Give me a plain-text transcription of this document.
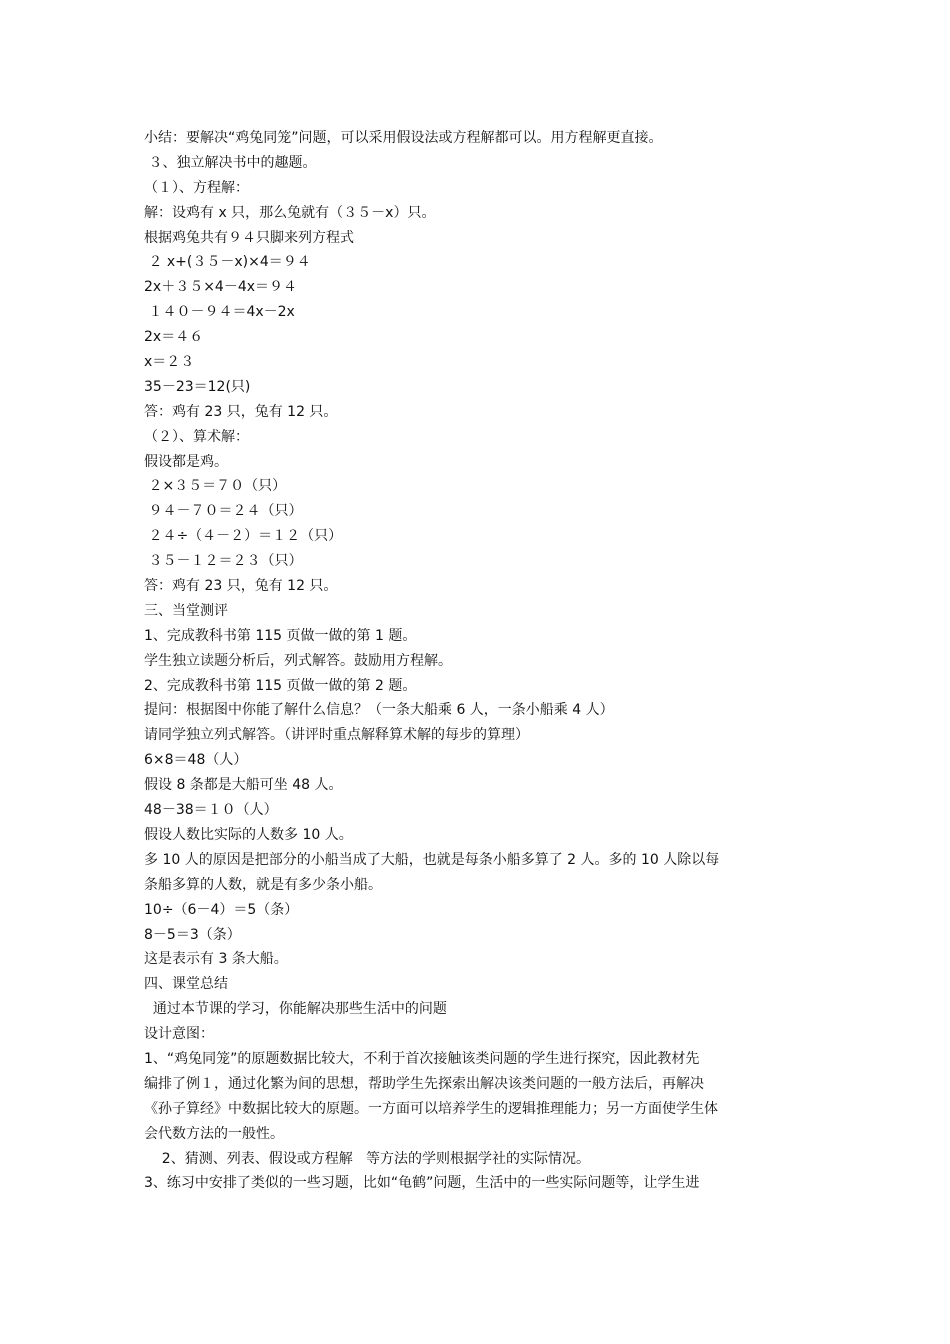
小结：要解决“鸡兔同笼”问题，可以采用假设法或方程解都可以。用方程解更直接。
３、独立解决书中的趣题。
（１）、方程解：
解：设鸡有 x 只，那么兔就有（３５－x）只。
根据鸡兔共有９４只脚来列方程式
２ x+(３５－x)×4＝９４
2x＋３５×4－4x＝９４
１４０－９４＝4x－2x
2x＝４６
x＝２３
35－23＝12(只)
答：鸡有 23 只，兔有 12 只。
（２）、算术解：
假设都是鸡。
２×３５＝７０（只）
９４－７０＝２４（只）
２４÷（４－２）＝１２（只）
３５－１２＝２３（只）
答：鸡有 23 只，兔有 12 只。
三、当堂测评
1、完成教科书第 115 页做一做的第 1 题。
学生独立读题分析后，列式解答。鼓励用方程解。
2、完成教科书第 115 页做一做的第 2 题。
提问：根据图中你能了解什么信息？（一条大船乘 6 人，一条小船乘 4 人）
请同学独立列式解答。（讲评时重点解释算术解的每步的算理）
6×8＝48（人）
假设 8 条都是大船可坐 48 人。
48－38＝１０（人）
假设人数比实际的人数多 10 人。
多 10 人的原因是把部分的小船当成了大船，也就是每条小船多算了 2 人。多的 10 人除以每
条船多算的人数，就是有多少条小船。
10÷（6－4）＝5（条）
8－5＝3（条）
这是表示有 3 条大船。
四、课堂总结
通过本节课的学习，你能解决那些生活中的问题
设计意图：
1、“鸡兔同笼”的原题数据比较大，不利于首次接触该类问题的学生进行探究，因此教材先
编排了例１，通过化繁为间的思想，帮助学生先探索出解决该类问题的一般方法后，再解决
《孙子算经》中数据比较大的原题。一方面可以培养学生的逻辑推理能力；另一方面使学生体
会代数方法的一般性。
2、猜测、列表、假设或方程解   等方法的学则根据学社的实际情况。
3、练习中安排了类似的一些习题，比如“龟鹤”问题，生活中的一些实际问题等，让学生进
